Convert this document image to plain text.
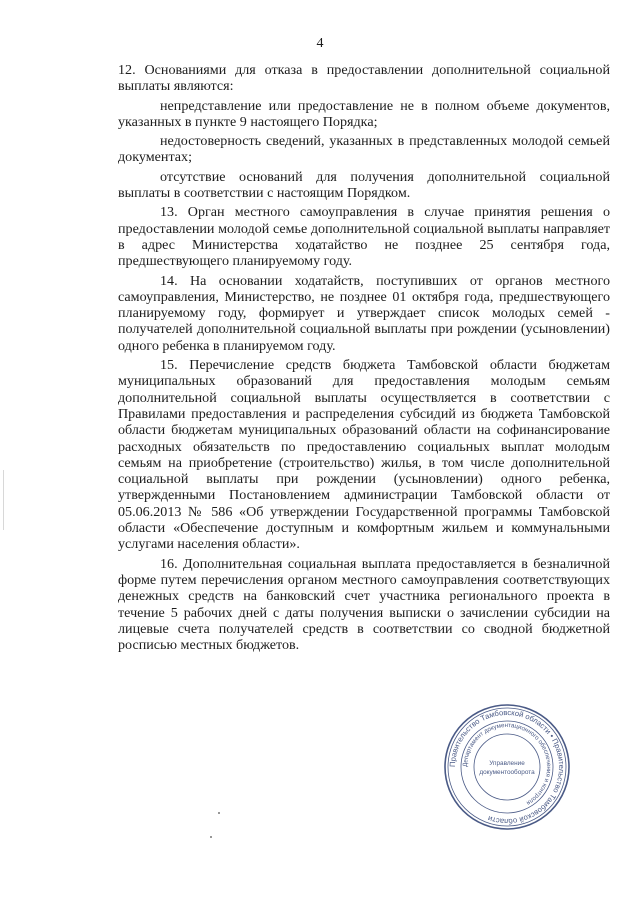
4

12. Основаниями для отказа в предоставлении дополнительной социальной выплаты являются:

непредставление или предоставление не в полном объеме документов, указанных в пункте 9 настоящего Порядка;

недостоверность сведений, указанных в представленных молодой семьей документах;

отсутствие оснований для получения дополнительной социальной выплаты в соответствии с настоящим Порядком.

13. Орган местного самоуправления в случае принятия решения о предоставлении молодой семье дополнительной социальной выплаты направляет в адрес Министерства ходатайство не позднее 25 сентября года, предшествующего планируемому году.

14. На основании ходатайств, поступивших от органов местного самоуправления, Министерство, не позднее 01 октября года, предшествующего планируемому году, формирует и утверждает список молодых семей - получателей дополнительной социальной выплаты при рождении (усыновлении) одного ребенка в планируемом году.

15. Перечисление средств бюджета Тамбовской области бюджетам муниципальных образований для предоставления молодым семьям дополнительной социальной выплаты осуществляется в соответствии с Правилами предоставления и распределения субсидий из бюджета Тамбовской области бюджетам муниципальных образований области на софинансирование расходных обязательств по предоставлению социальных выплат молодым семьям на приобретение (строительство) жилья, в том числе дополнительной социальной выплаты при рождении (усыновлении) одного ребенка, утвержденными Постановлением администрации Тамбовской области от 05.06.2013 № 586 «Об утверждении Государственной программы Тамбовской области «Обеспечение доступным и комфортным жильем и коммунальными услугами населения области».

16. Дополнительная социальная выплата предоставляется в безналичной форме путем перечисления органом местного самоуправления соответствующих денежных средств на банковский счет участника регионального проекта в течение 5 рабочих дней с даты получения выписки о зачислении субсидии на лицевые счета получателей средств в соответствии со сводной бюджетной росписью местных бюджетов.

Правительство Тамбовской области • Правительство Тамбовской области
Департамент документационного обеспечения и контроля
Управление
документооборота
